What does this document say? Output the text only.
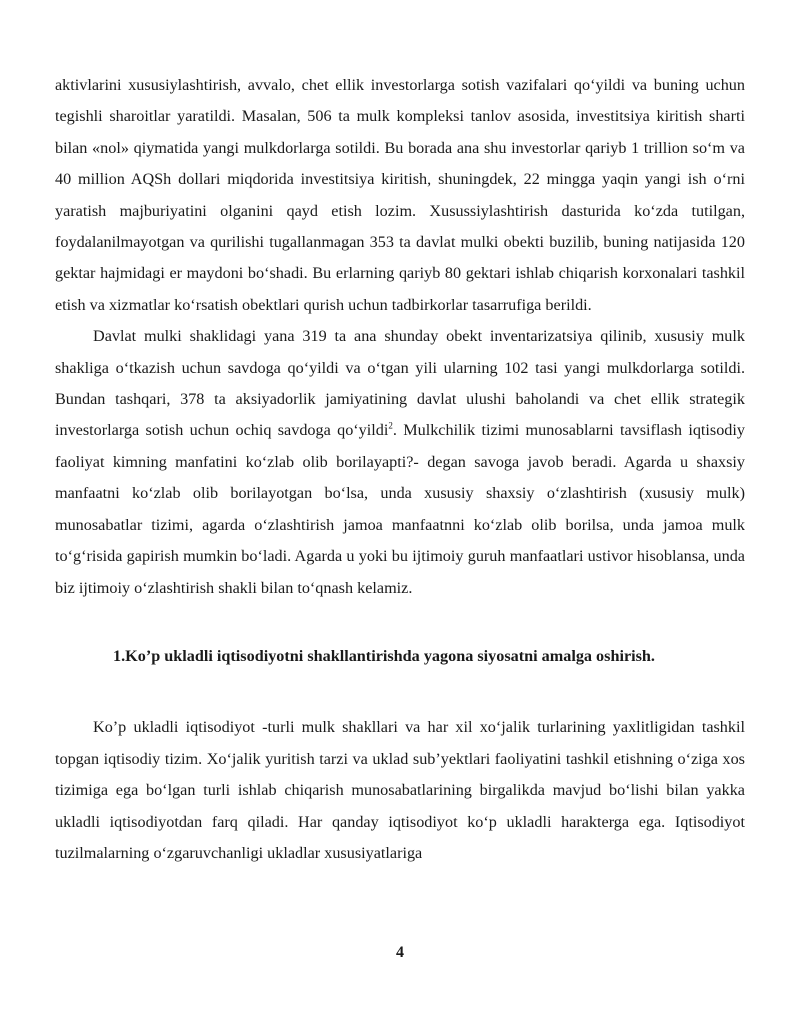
aktivlarini xususiylashtirish, avvalo, chet ellik investorlarga sotish vazifalari qo‘yildi va buning uchun tegishli sharoitlar yaratildi. Masalan, 506 ta mulk kompleksi tanlov asosida, investitsiya kiritish sharti bilan «nol» qiymatida yangi mulkdorlarga sotildi. Bu borada ana shu investorlar qariyb 1 trillion so‘m va 40 million AQSh dollari miqdorida investitsiya kiritish, shuningdek, 22 mingga yaqin yangi ish o‘rni yaratish majburiyatini olganini qayd etish lozim. Xusussiylashtirish dasturida ko‘zda tutilgan, foydalanilmayotgan va qurilishi tugallanmagan 353 ta davlat mulki obekti buzilib, buning natijasida 120 gektar hajmidagi er maydoni bo‘shadi. Bu erlarning qariyb 80 gektari ishlab chiqarish korxonalari tashkil etish va xizmatlar ko‘rsatish obektlari qurish uchun tadbirkorlar tasarrufiga berildi.

Davlat mulki shaklidagi yana 319 ta ana shunday obekt inventarizatsiya qilinib, xususiy mulk shakliga o‘tkazish uchun savdoga qo‘yildi va o‘tgan yili ularning 102 tasi yangi mulkdorlarga sotildi. Bundan tashqari, 378 ta aksiyadorlik jamiyatining davlat ulushi baholandi va chet ellik strategik investorlarga sotish uchun ochiq savdoga qo‘yildi$^2$. Mulkchilik tizimi munosablarni tavsiflash iqtisodiy faoliyat kimning manfatini ko‘zlab olib borilayapti?- degan savoga javob beradi. Agarda u shaxsiy manfaatni ko‘zlab olib borilayotgan bo‘lsa, unda xususiy shaxsiy o‘zlashtirish (xususiy mulk) munosabatlar tizimi, agarda o‘zlashtirish jamoa manfaatnni ko‘zlab olib borilsa, unda jamoa mulk to‘g‘risida gapirish mumkin bo‘ladi. Agarda u yoki bu ijtimoiy guruh manfaatlari ustivor hisoblansa, unda biz ijtimoiy o‘zlashtirish shakli bilan to‘qnash kelamiz.

1.Ko’p ukladli iqtisodiyotni shakllantirishda yagona siyosatni amalga oshirish.

Ko’p ukladli iqtisodiyot -turli mulk shakllari va har xil xo‘jalik turlarining yaxlitligidan tashkil topgan iqtisodiy tizim. Xo‘jalik yuritish tarzi va uklad sub’yektlari faoliyatini tashkil etishning o‘ziga xos tizimiga ega bo‘lgan turli ishlab chiqarish munosabatlarining birgalikda mavjud bo‘lishi bilan yakka ukladli iqtisodiyotdan farq qiladi. Har qanday iqtisodiyot ko‘p ukladli harakterga ega. Iqtisodiyot tuzilmalarning o‘zgaruvchanligi ukladlar xususiyatlariga

4
